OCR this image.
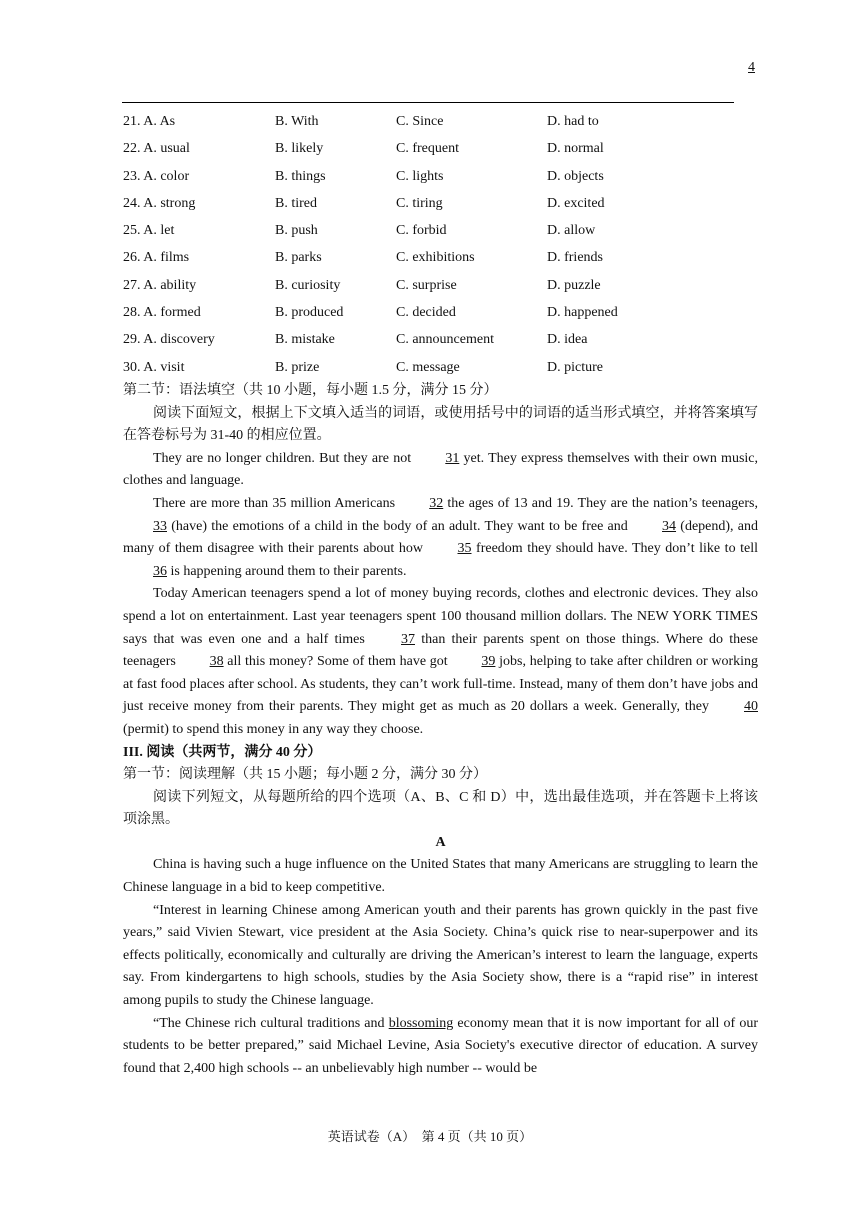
4
21. A. As	B. With	C. Since	D. had to
22. A. usual	B. likely	C. frequent	D. normal
23. A. color	B. things	C. lights	D. objects
24. A. strong	B. tired	C. tiring	D. excited
25. A. let	B. push	C. forbid	D. allow
26. A. films	B. parks	C. exhibitions	D. friends
27. A. ability	B. curiosity	C. surprise	D. puzzle
28. A. formed	B. produced	C. decided	D. happened
29. A. discovery	B. mistake	C. announcement	D. idea
30. A. visit	B. prize	C. message	D. picture

第二节：语法填空（共 10 小题，每小题 1.5 分，满分 15 分）

阅读下面短文，根据上下文填入适当的词语，或使用括号中的词语的适当形式填空，并将答案填写在答卷标号为 31-40 的相应位置。

They are no longer children. But they are not 31 yet. They express themselves with their own music, clothes and language.

There are more than 35 million Americans 32 the ages of 13 and 19. They are the nation’s teenagers, 33 (have) the emotions of a child in the body of an adult. They want to be free and 34 (depend), and many of them disagree with their parents about how 35 freedom they should have. They don’t like to tell 36 is happening around them to their parents.

Today American teenagers spend a lot of money buying records, clothes and electronic devices. They also spend a lot on entertainment. Last year teenagers spent 100 thousand million dollars. The NEW YORK TIMES says that was even one and a half times 37 than their parents spent on those things. Where do these teenagers 38 all this money? Some of them have got 39 jobs, helping to take after children or working at fast food places after school. As students, they can’t work full-time. Instead, many of them don’t have jobs and just receive money from their parents. They might get as much as 20 dollars a week. Generally, they 40 (permit) to spend this money in any way they choose.

III. 阅读（共两节，满分 40 分）

第一节：阅读理解（共 15 小题；每小题 2 分，满分 30 分）

阅读下列短文，从每题所给的四个选项（A、B、C 和 D）中，选出最佳选项，并在答题卡上将该项涂黑。

A

China is having such a huge influence on the United States that many Americans are struggling to learn the Chinese language in a bid to keep competitive.

“Interest in learning Chinese among American youth and their parents has grown quickly in the past five years,” said Vivien Stewart, vice president at the Asia Society. China’s quick rise to near-superpower and its effects politically, economically and culturally are driving the American’s interest to learn the language, experts say. From kindergartens to high schools, studies by the Asia Society show, there is a “rapid rise” in interest among pupils to study the Chinese language.

“The Chinese rich cultural traditions and blossoming economy mean that it is now important for all of our students to be better prepared,” said Michael Levine, Asia Society's executive director of education. A survey found that 2,400 high schools -- an unbelievably high number -- would be

英语试卷（A）　第 4 页（共 10 页）
